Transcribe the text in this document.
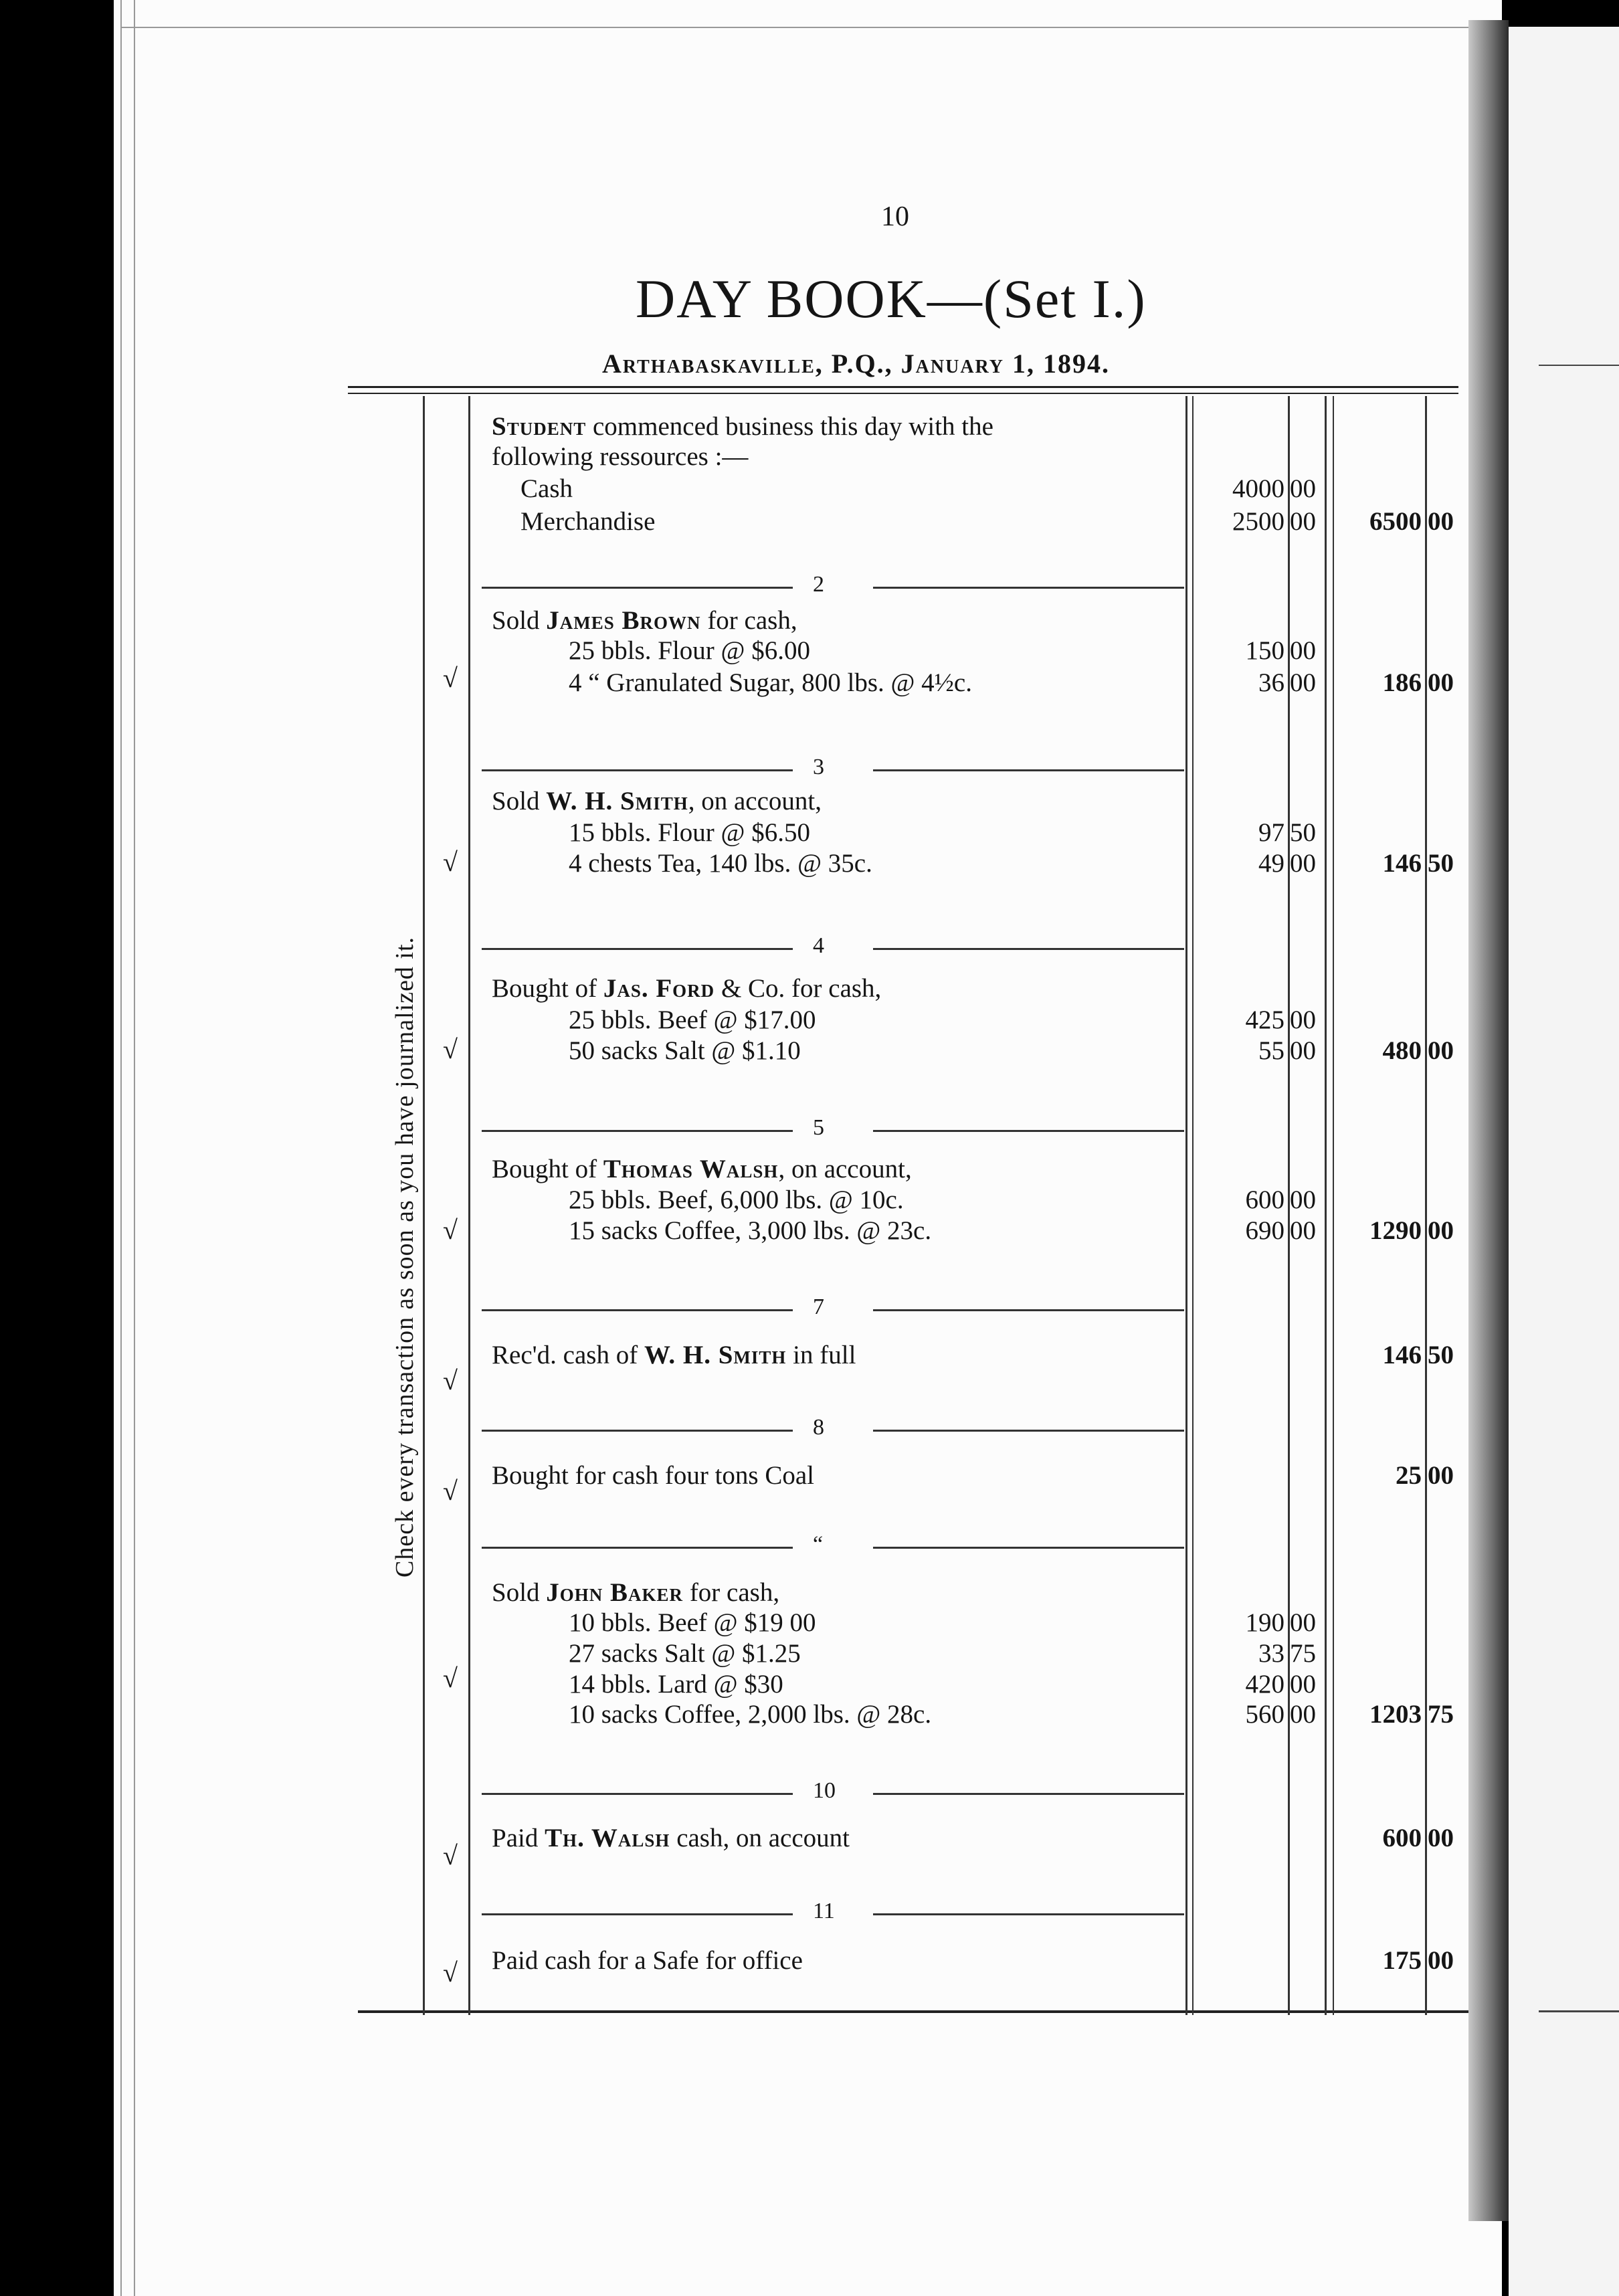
10
DAY BOOK—(Set I.)
Arthabaskaville, P.Q., January 1, 1894.
Check every transaction as soon as you have journalized it.
Student commenced business this day with the
following ressources :—
Cash	4000 00
Merchandise	2500 00	6500 00
2
√
Sold James Brown for cash,
25 bbls. Flour @ $6.00	150 00
4 “ Granulated Sugar, 800 lbs. @ 4½c.	36 00	186 00
3
√
Sold W. H. Smith, on account,
15 bbls. Flour @ $6.50	97 50
4 chests Tea, 140 lbs. @ 35c.	49 00	146 50
4
√
Bought of Jas. Ford & Co. for cash,
25 bbls. Beef @ $17.00	425 00
50 sacks Salt @ $1.10	55 00	480 00
5
√
Bought of Thomas Walsh, on account,
25 bbls. Beef, 6,000 lbs. @ 10c.	600 00
15 sacks Coffee, 3,000 lbs. @ 23c.	690 00	1290 00
7
√
Rec'd. cash of W. H. Smith in full	146 50
8
√
Bought for cash four tons Coal	25 00
“
√
Sold John Baker for cash,
10 bbls. Beef @ $19 00	190 00
27 sacks Salt @ $1.25	33 75
14 bbls. Lard @ $30	420 00
10 sacks Coffee, 2,000 lbs. @ 28c.	560 00	1203 75
10
√
Paid Th. Walsh cash, on account	600 00
11
√ Paid cash for a Safe for office	175 00
